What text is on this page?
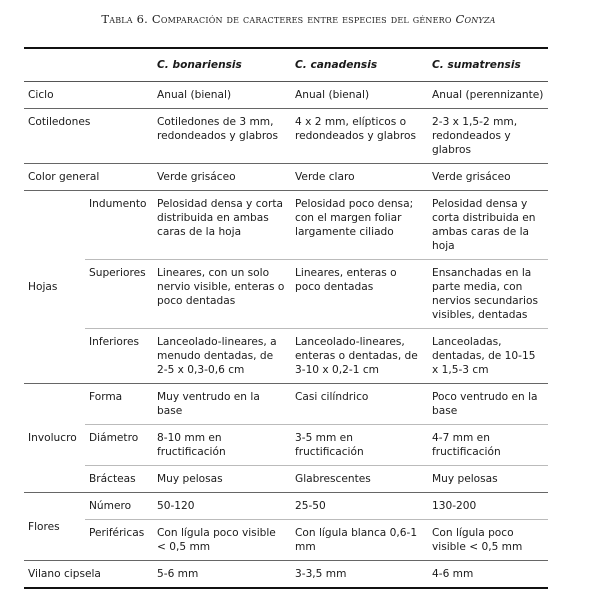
Tabla 6. Comparación de caracteres entre especies del género Conyza
		C. bonariensis	C. canadensis	C. sumatrensis
Ciclo		Anual (bienal)	Anual (bienal)	Anual (perennizante)
Cotiledones		Cotiledones de 3 mm, redondeados y glabros	4 x 2 mm, elípticos o redondeados y glabros	2-3 x 1,5-2 mm, redondeados y glabros
Color general		Verde grisáceo	Verde claro	Verde grisáceo
Hojas	Indumento	Pelosidad densa y corta distribuida en ambas caras de la hoja	Pelosidad poco densa; con el margen foliar largamente ciliado	Pelosidad densa y corta distribuida en ambas caras de la hoja
	Superiores	Lineares, con un solo nervio visible, enteras o poco dentadas	Lineares, enteras o poco dentadas	Ensanchadas en la parte media, con nervios secundarios visibles, dentadas
	Inferiores	Lanceolado-lineares, a menudo dentadas, de 2-5 x 0,3-0,6 cm	Lanceolado-lineares, enteras o dentadas, de 3-10 x 0,2-1 cm	Lanceoladas, dentadas, de 10-15 x 1,5-3 cm
Involucro	Forma	Muy ventrudo en la base	Casi cilíndrico	Poco ventrudo en la base
	Diámetro	8-10 mm en fructificación	3-5 mm en fructificación	4-7 mm en fructificación
	Brácteas	Muy pelosas	Glabrescentes	Muy pelosas
Flores	Número	50-120	25-50	130-200
	Periféricas	Con lígula poco visible < 0,5 mm	Con lígula blanca 0,6-1 mm	Con lígula poco visible < 0,5 mm
Vilano cipsela		5-6 mm	3-3,5 mm	4-6 mm
